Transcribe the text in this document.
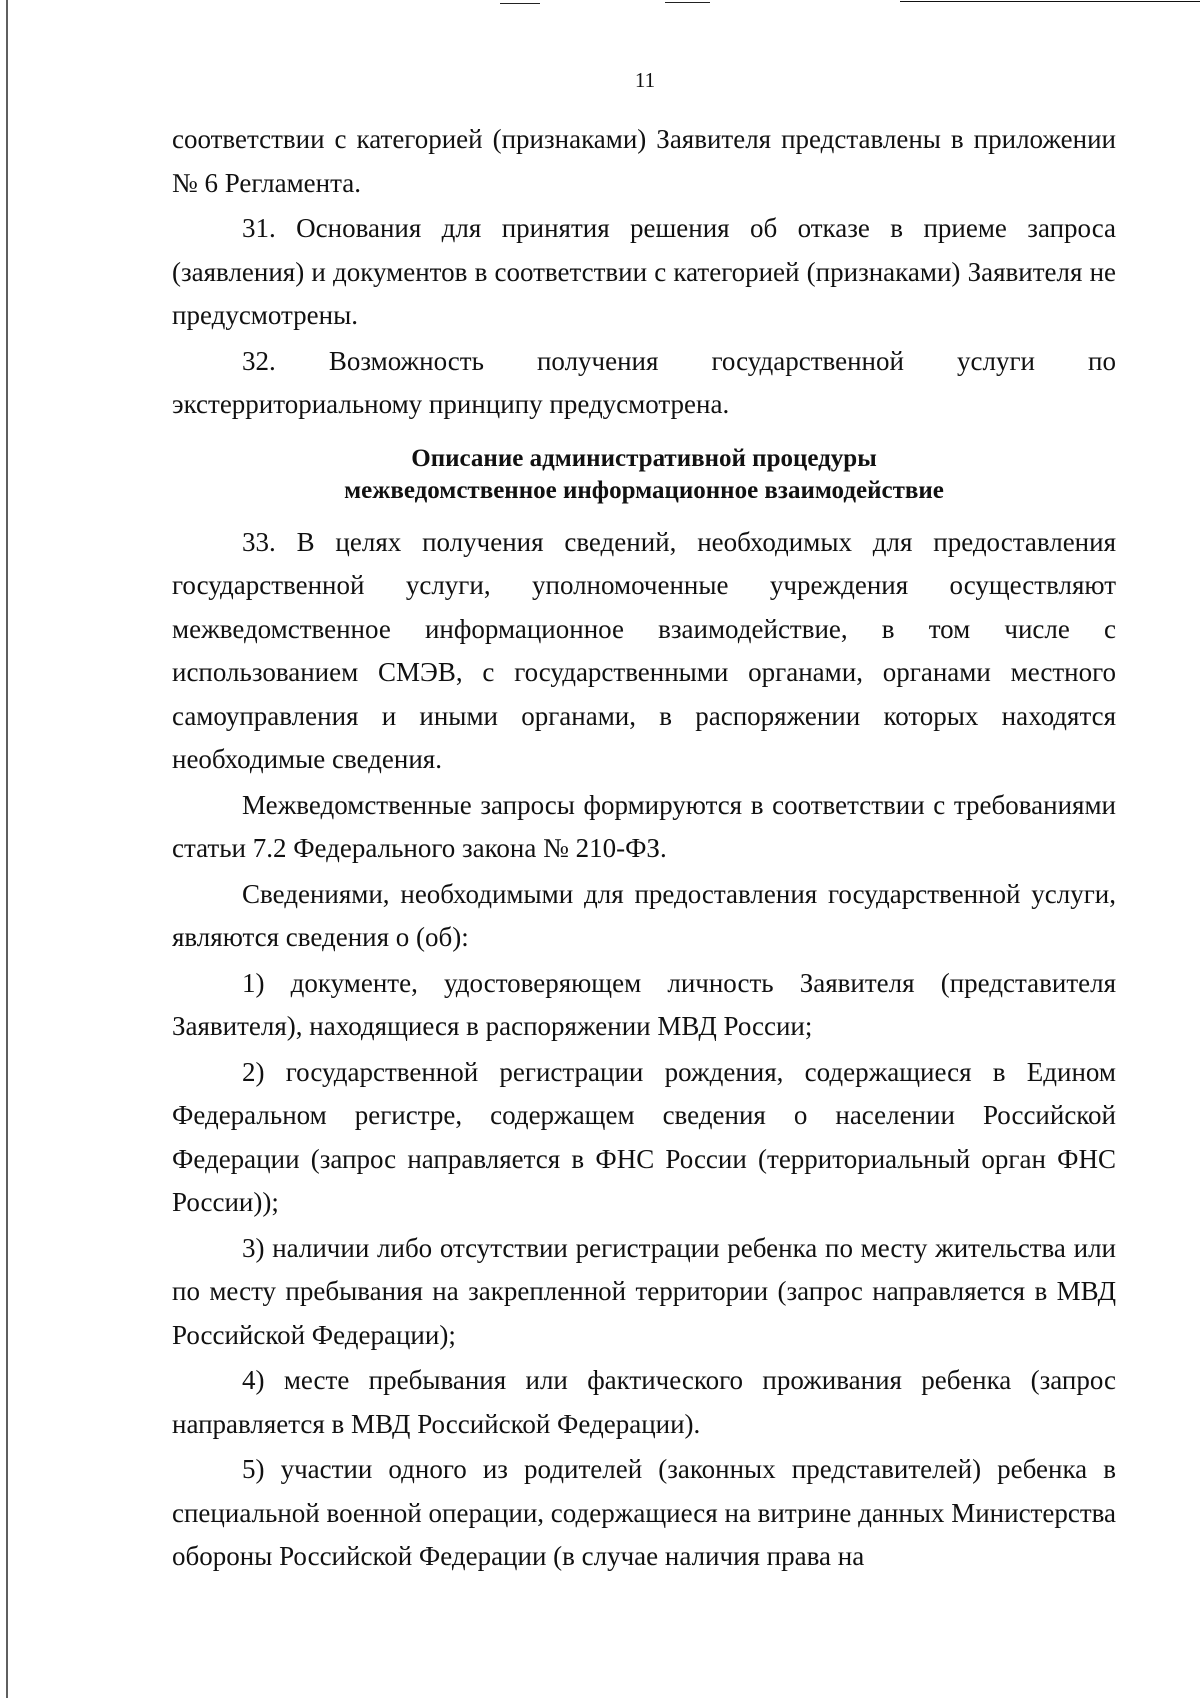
11

соответствии с категорией (признаками) Заявителя представлены в приложении № 6 Регламента.

31. Основания для принятия решения об отказе в приеме запроса (заявления) и документов в соответствии с категорией (признаками) Заявителя не предусмотрены.

32. Возможность получения государственной услуги по экстерриториальному принципу предусмотрена.

Описание административной процедуры
межведомственное информационное взаимодействие

33. В целях получения сведений, необходимых для предоставления государственной услуги, уполномоченные учреждения осуществляют межведомственное информационное взаимодействие, в том числе с использованием СМЭВ, с государственными органами, органами местного самоуправления и иными органами, в распоряжении которых находятся необходимые сведения.

Межведомственные запросы формируются в соответствии с требованиями статьи 7.2 Федерального закона № 210-ФЗ.

Сведениями, необходимыми для предоставления государственной услуги, являются сведения о (об):

1) документе, удостоверяющем личность Заявителя (представителя Заявителя), находящиеся в распоряжении МВД России;

2) государственной регистрации рождения, содержащиеся в Едином Федеральном регистре, содержащем сведения о населении Российской Федерации (запрос направляется в ФНС России (территориальный орган ФНС России));

3) наличии либо отсутствии регистрации ребенка по месту жительства или по месту пребывания на закрепленной территории (запрос направляется в МВД Российской Федерации);

4) месте пребывания или фактического проживания ребенка (запрос направляется в МВД Российской Федерации).

5) участии одного из родителей (законных представителей) ребенка в специальной военной операции, содержащиеся на витрине данных Министерства обороны Российской Федерации (в случае наличия права на
